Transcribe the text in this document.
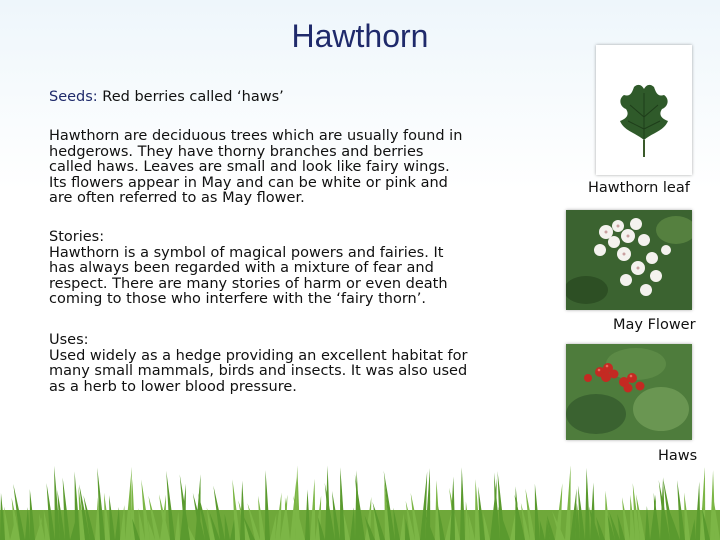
Hawthorn
Seeds: Red berries called ‘haws’
Hawthorn are deciduous trees which are usually found in hedgerows. They have thorny branches and berries called haws. Leaves are small and look like fairy wings. Its flowers appear in May and can be white or pink and are often referred to as May flower.
Stories:
Hawthorn is a symbol of magical powers and fairies. It has always been regarded with a mixture of fear and respect. There are many stories of harm or even death coming to those who interfere with the ‘fairy thorn’.
Uses:
Used widely as a hedge providing an excellent habitat for many small mammals, birds and insects. It was also used as a herb to lower blood pressure.
Hawthorn leaf
May Flower
Haws
